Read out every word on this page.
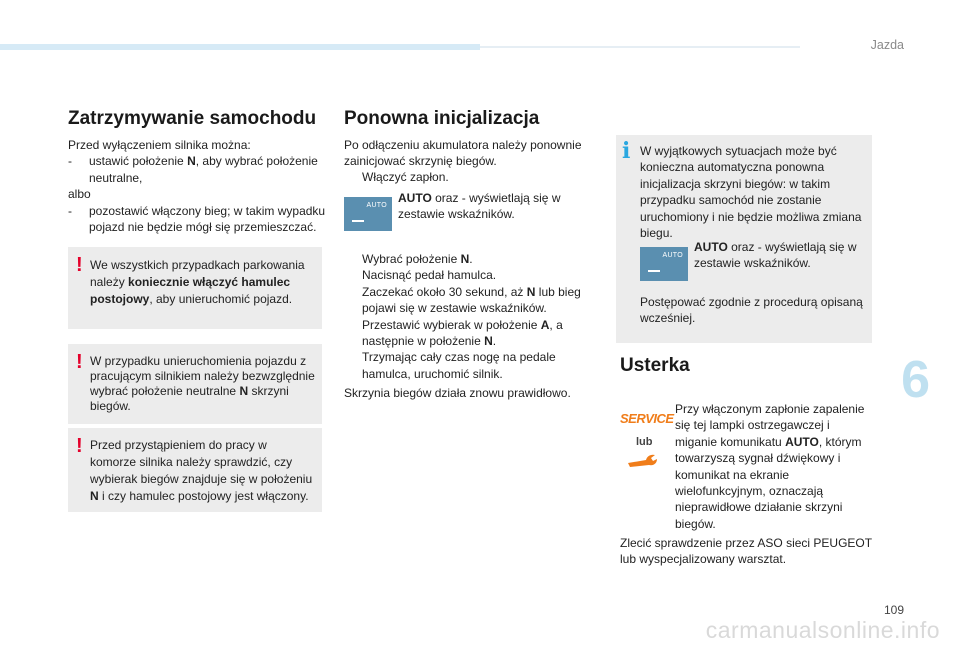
Jazda
Zatrzymywanie samochodu
Przed wyłączeniem silnika można:
- ustawić położenie N, aby wybrać położenie neutralne,
albo
- pozostawić włączony bieg; w takim wypadku pojazd nie będzie mógł się przemieszczać.
! We wszystkich przypadkach parkowania należy koniecznie włączyć hamulec postojowy, aby unieruchomić pojazd.
! W przypadku unieruchomienia pojazdu z pracującym silnikiem należy bezwzględnie wybrać położenie neutralne N skrzyni biegów.
! Przed przystąpieniem do pracy w komorze silnika należy sprawdzić, czy wybierak biegów znajduje się w położeniu N i czy hamulec postojowy jest włączony.
Ponowna inicjalizacja
Po odłączeniu akumulatora należy ponownie zainicjować skrzynię biegów.
Włączyć zapłon.
AUTO
AUTO oraz - wyświetlają się w zestawie wskaźników.
Wybrać położenie N.
Nacisnąć pedał hamulca.
Zaczekać około 30 sekund, aż N lub bieg pojawi się w zestawie wskaźników.
Przestawić wybierak w położenie A, a następnie w położenie N.
Trzymając cały czas nogę na pedale hamulca, uruchomić silnik.
Skrzynia biegów działa znowu prawidłowo.
i W wyjątkowych sytuacjach może być konieczna automatyczna ponowna inicjalizacja skrzyni biegów: w takim przypadku samochód nie zostanie uruchomiony i nie będzie możliwa zmiana biegu.
AUTO
AUTO oraz - wyświetlają się w zestawie wskaźników.
Postępować zgodnie z procedurą opisaną wcześniej.
Usterka
SERVICE
lub
Przy włączonym zapłonie zapalenie się tej lampki ostrzegawczej i miganie komunikatu AUTO, którym towarzyszą sygnał dźwiękowy i komunikat na ekranie wielofunkcyjnym, oznaczają nieprawidłowe działanie skrzyni biegów.
Zlecić sprawdzenie przez ASO sieci PEUGEOT lub wyspecjalizowany warsztat.
6
109
carmanualsonline.info
